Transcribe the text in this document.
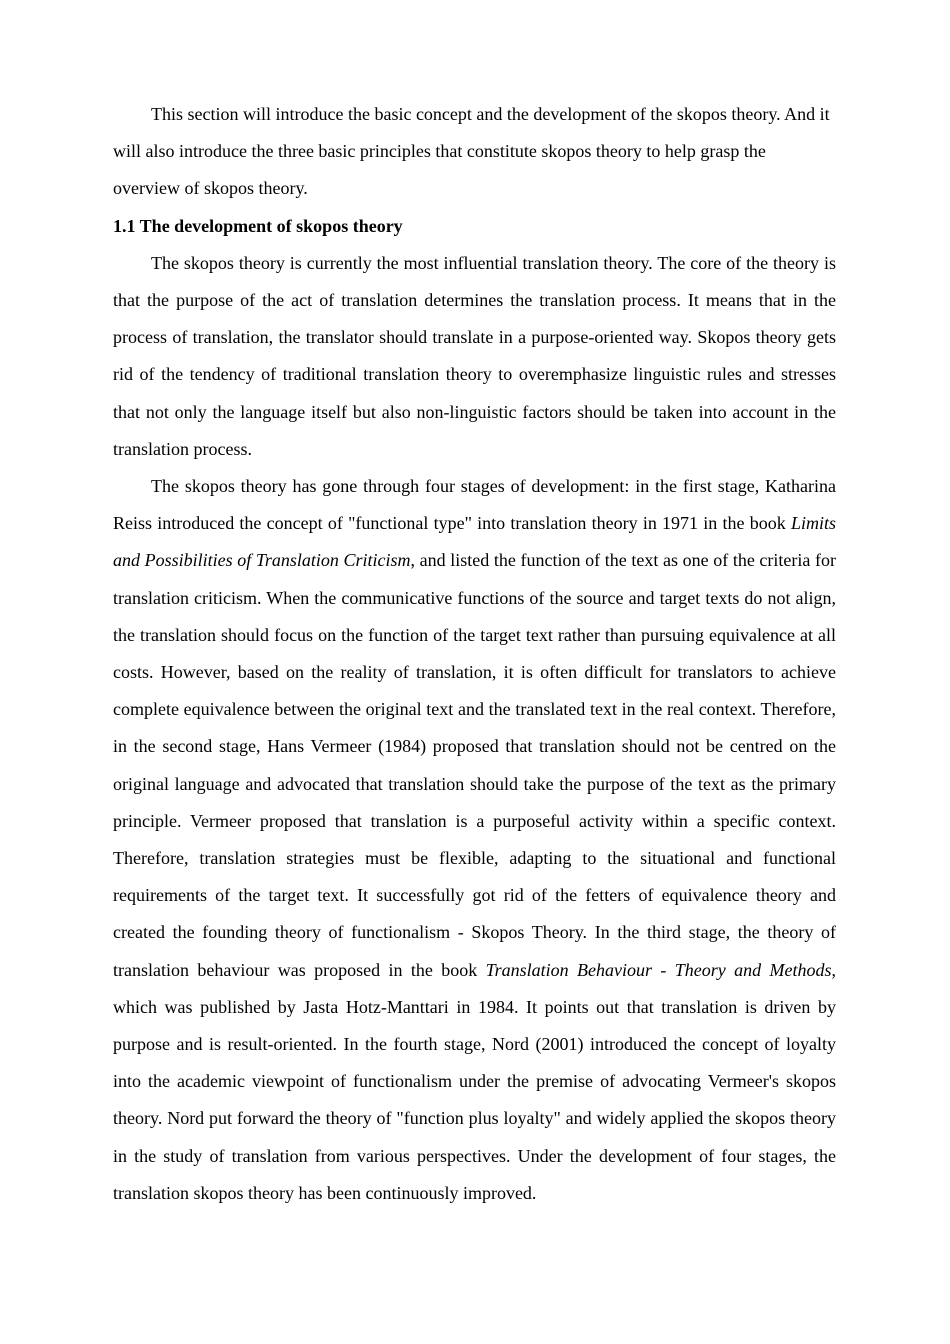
This section will introduce the basic concept and the development of the skopos theory. And it will also introduce the three basic principles that constitute skopos theory to help grasp the overview of skopos theory.

1.1 The development of skopos theory

The skopos theory is currently the most influential translation theory. The core of the theory is that the purpose of the act of translation determines the translation process. It means that in the process of translation, the translator should translate in a purpose-oriented way. Skopos theory gets rid of the tendency of traditional translation theory to overemphasize linguistic rules and stresses that not only the language itself but also non-linguistic factors should be taken into account in the translation process.

The skopos theory has gone through four stages of development: in the first stage, Katharina Reiss introduced the concept of "functional type" into translation theory in 1971 in the book Limits and Possibilities of Translation Criticism, and listed the function of the text as one of the criteria for translation criticism. When the communicative functions of the source and target texts do not align, the translation should focus on the function of the target text rather than pursuing equivalence at all costs. However, based on the reality of translation, it is often difficult for translators to achieve complete equivalence between the original text and the translated text in the real context. Therefore, in the second stage, Hans Vermeer (1984) proposed that translation should not be centred on the original language and advocated that translation should take the purpose of the text as the primary principle. Vermeer proposed that translation is a purposeful activity within a specific context. Therefore, translation strategies must be flexible, adapting to the situational and functional requirements of the target text. It successfully got rid of the fetters of equivalence theory and created the founding theory of functionalism - Skopos Theory. In the third stage, the theory of translation behaviour was proposed in the book Translation Behaviour - Theory and Methods, which was published by Jasta Hotz-Manttari in 1984. It points out that translation is driven by purpose and is result-oriented. In the fourth stage, Nord (2001) introduced the concept of loyalty into the academic viewpoint of functionalism under the premise of advocating Vermeer's skopos theory. Nord put forward the theory of "function plus loyalty" and widely applied the skopos theory in the study of translation from various perspectives. Under the development of four stages, the translation skopos theory has been continuously improved.
